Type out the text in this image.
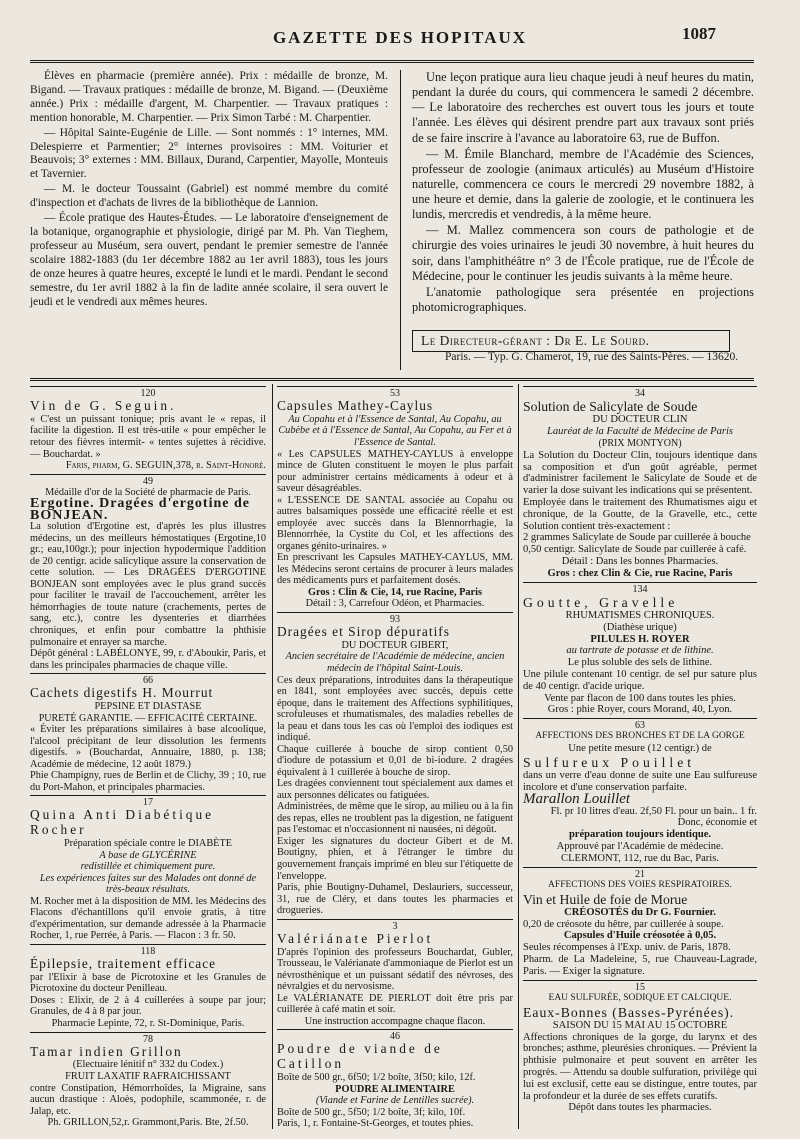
GAZETTE DES HOPITAUX	1087

Élèves en pharmacie (première année). Prix : médaille de bronze, M. Bigand. — Travaux pratiques : médaille de bronze, M. Bigand. — (Deuxième année.) Prix : médaille d'argent, M. Charpentier. — Travaux pratiques : mention honorable, M. Charpentier. — Prix Simon Tarbé : M. Charpentier.

— Hôpital Sainte-Eugénie de Lille. — Sont nommés : 1° internes, MM. Delespierre et Parmentier; 2° internes provisoires : MM. Voiturier et Beauvois; 3° externes : MM. Billaux, Durand, Carpentier, Mayolle, Monteuis et Tavernier.

— M. le docteur Toussaint (Gabriel) est nommé membre du comité d'inspection et d'achats de livres de la bibliothèque de Lannion.

— École pratique des Hautes-Études. — Le laboratoire d'enseignement de la botanique, organographie et physiologie, dirigé par M. Ph. Van Tieghem, professeur au Muséum, sera ouvert, pendant le premier semestre de l'année scolaire 1882-1883 (du 1er décembre 1882 au 1er avril 1883), tous les jours de onze heures à quatre heures, excepté le lundi et le mardi. Pendant le second semestre, du 1er avril 1882 à la fin de ladite année scolaire, il sera ouvert le jeudi et le vendredi aux mêmes heures.

Une leçon pratique aura lieu chaque jeudi à neuf heures du matin, pendant la durée du cours, qui commencera le samedi 2 décembre. — Le laboratoire des recherches est ouvert tous les jours et toute l'année. Les élèves qui désirent prendre part aux travaux sont priés de se faire inscrire à l'avance au laboratoire 63, rue de Buffon.

— M. Émile Blanchard, membre de l'Académie des Sciences, professeur de zoologie (animaux articulés) au Muséum d'Histoire naturelle, commencera ce cours le mercredi 29 novembre 1882, à une heure et demie, dans la galerie de zoologie, et le continuera les lundis, mercredis et vendredis, à la même heure.

— M. Mallez commencera son cours de pathologie et de chirurgie des voies urinaires le jeudi 30 novembre, à huit heures du soir, dans l'amphithéâtre n° 3 de l'École pratique, rue de l'École de Médecine, pour le continuer les jeudis suivants à la même heure.

L'anatomie pathologique sera présentée en projections photomicrographiques.

Le Directeur-gérant : Dr E. Le Sourd.
Paris. — Typ. G. Chamerot, 19, rue des Saints-Pères. — 13620.
120
Vin de G. Seguin.
« C'est un puissant tonique; pris avant le « repas, il facilite la digestion. Il est très-utile « pour empêcher le retour des fièvres intermit- « tentes sujettes à récidive. — Bouchardat. »
Faris, pharm, G. SEGUIN,378, r. Saint-Honoré.
49
Médaille d'or de la Société de pharmacie de Paris.
Ergotine. Dragées d'ergotine de BONJEAN.
La solution d'Ergotine est, d'après les plus illustres médecins, un des meilleurs hémostatiques (Ergotine,10 gr.; eau,100gr.); pour injection hypodermique l'addition de 20 centigr. acide salicylique assure la conservation de cette solution. — Les DRAGÉES D'ERGOTINE BONJEAN sont employées avec le plus grand succès pour faciliter le travail de l'accouchement, arrêter les hémorrhagies de toute nature (crachements, pertes de sang, etc.), contre les dysenteries et diarrhées chroniques, et enfin pour combattre la phthisie pulmonaire et enrayer sa marche.
Dépôt général : LABÉLONYE, 99, r. d'Aboukir, Paris, et dans les principales pharmacies de chaque ville.
66
Cachets digestifs H. Mourrut
PEPSINE ET DIASTASE
PURETÉ GARANTIE. — EFFICACITÉ CERTAINE.
« Éviter les préparations similaires à base alcoolique, l'alcool précipitant de leur dissolution les ferments digestifs. » (Bouchardat, Annuaire, 1880, p. 138; Académie de médecine, 12 août 1879.)
Phie Champigny, rues de Berlin et de Clichy, 39 ; 10, rue du Port-Mahon, et principales pharmacies.
17
Quina Anti Diabétique Rocher
Préparation spéciale contre le DIABÈTE
A base de GLYCÉRINE
redistillée et chimiquement pure.
Les expériences faites sur des Malades ont donné de très-beaux résultats.
M. Rocher met à la disposition de MM. les Médecins des Flacons d'échantillons qu'il envoie gratis, à titre d'expérimentation, sur demande adressée à la Pharmacie Rocher, 1, rue Perrée, à Paris. — Flacon : 3 fr. 50.
118
Épilepsie, traitement efficace
par l'Elixir à base de Picrotoxine et les Granules de Picrotoxine du docteur Penilleau.
Doses : Elixir, de 2 à 4 cuillerées à soupe par jour; Granules, de 4 à 8 par jour.
Pharmacie Lepinte, 72, r. St-Dominique, Paris.
78
Tamar indien Grillon
(Electuaire lénitif n° 332 du Codex.)
FRUIT LAXATIF RAFRAICHISSANT
contre Constipation, Hémorrhoïdes, la Migraine, sans aucun drastique : Aloès, podophile, scammonée, r. de Jalap, etc.
Ph. GRILLON,52,r. Grammont,Paris. Bte, 2f.50.
53
Capsules Mathey-Caylus
Au Copahu et à l'Essence de Santal, Au Copahu, au Cubèbe et à l'Essence de Santal, Au Copahu, au Fer et à l'Essence de Santal.
« Les CAPSULES MATHEY-CAYLUS à enveloppe mince de Gluten constituent le moyen le plus parfait pour administrer certains médicaments à odeur et à saveur désagréables.
« L'ESSENCE DE SANTAL associée au Copahu ou autres balsamiques possède une efficacité réelle et est employée avec succès dans la Blennorrhagie, la Blennorrhée, la Cystite du Col, et les affections des organes génito-urinaires. »
En prescrivant les Capsules MATHEY-CAYLUS, MM. les Médecins seront certains de procurer à leurs malades des médicaments purs et parfaitement dosés.
Gros : Clin & Cie, 14, rue Racine, Paris
Détail : 3, Carrefour Odéon, et Pharmacies.
93
Dragées et Sirop dépuratifs
DU DOCTEUR GIBERT,
Ancien secrétaire de l'Académie de médecine, ancien médecin de l'hôpital Saint-Louis.
Ces deux préparations, introduites dans la thérapeutique en 1841, sont employées avec succès, depuis cette époque, dans le traitement des Affections syphilitiques, scrofuleuses et rhumatismales, des maladies rebelles de la peau et dans tous les cas où l'emploi des iodiques est indiqué.
Chaque cuillerée à bouche de sirop contient 0,50 d'iodure de potassium et 0,01 de bi-iodure. 2 dragées équivalent à 1 cuillerée à bouche de sirop.
Les dragées conviennent tout spécialement aux dames et aux personnes délicates ou fatiguées.
Administrées, de même que le sirop, au milieu ou à la fin des repas, elles ne troublent pas la digestion, ne fatiguent pas l'estomac et n'occasionnent ni nausées, ni dégoût.
Exiger les signatures du docteur Gibert et de M. Boutigny, phien, et à l'étranger le timbre du gouvernement français imprimé en bleu sur l'étiquette de l'enveloppe.
Paris, phie Boutigny-Duhamel, Deslauriers, successeur, 31, rue de Cléry, et dans toutes les pharmacies et drogueries.
3
Valériánate Pierlot
D'après l'opinion des professeurs Bouchardat, Gubler, Trousseau, le Valérianate d'ammoniaque de Pierlot est un névrosthénique et un puissant sédatif des névroses, des névralgies et du nervosisme.
Le VALÉRIANATE DE PIERLOT doit être pris par cuillerée à café matin et soir.
Une instruction accompagne chaque flacon.
46
Poudre de viande de Catillon
Boîte de 500 gr., 6f50; 1/2 boîte, 3f50; kilo, 12f.
POUDRE ALIMENTAIRE
(Viande et Farine de Lentilles sucrée).
Boîte de 500 gr., 5f50; 1/2 boîte, 3f; kilo, 10f.
Paris, 1, r. Fontaine-St-Georges, et toutes phies.
34
Solution de Salicylate de Soude
DU DOCTEUR CLIN
Lauréat de la Faculté de Médecine de Paris
(PRIX MONTYON)
La Solution du Docteur Clin, toujours identique dans sa composition et d'un goût agréable, permet d'administrer facilement le Salicylate de Soude et de varier la dose suivant les indications qui se présentent.
Employée dans le traitement des Rhumatismes aigu et chronique, de la Goutte, de la Gravelle, etc., cette Solution contient très-exactement :
2 grammes Salicylate de Soude par cuillerée à bouche
0,50 centigr. Salicylate de Soude par cuillerée à café.
Détail : Dans les bonnes Pharmacies.
Gros : chez Clin & Cie, rue Racine, Paris
134
Goutte, Gravelle
RHUMATISMES CHRONIQUES.
(Diathèse urique)
PILULES H. ROYER
au tartrate de potasse et de lithine.
Le plus soluble des sels de lithine.
Une pilule contenant 10 centigr. de sel pur sature plus de 40 centigr. d'acide urique.
Vente par flacon de 100 dans toutes les phies.
Gros : phie Royer, cours Morand, 40, Lyon.
63
AFFECTIONS DES BRONCHES ET DE LA GORGE
Une petite mesure (12 centigr.) de
Sulfureux Pouillet
dans un verre d'eau donne de suite une Eau sulfureuse incolore et d'une conservation parfaite.
Marallon Louillet
Fl. pr 10 litres d'eau. 2f,50 Fl. pour un bain.. 1 fr. Donc, économie et
préparation toujours identique.
Approuvé par l'Académie de médecine.
CLERMONT, 112, rue du Bac, Paris.
21
AFFECTIONS DES VOIES RESPIRATOIRES.
Vin et Huile de foie de Morue
CRÉOSOTÉS du Dr G. Fournier.
0,20 de créosote du hêtre, par cuillerée à soupe.
Capsules d'Huile créosotée à 0,05.
Seules récompenses à l'Exp. univ. de Paris, 1878.
Pharm. de La Madeleine, 5, rue Chauveau-Lagrade, Paris. — Exiger la signature.
15
EAU SULFURÉE, SODIQUE ET CALCIQUE.
Eaux-Bonnes (Basses-Pyrénées).
SAISON DU 15 MAI AU 15 OCTOBRE
Affections chroniques de la gorge, du larynx et des bronches; asthme, pleurésies chroniques. — Prévient la phthisie pulmonaire et peut souvent en arrêter les progrès. — Attendu sa double sulfuration, privilège qui lui est exclusif, cette eau se distingue, entre toutes, par la profondeur et la durée de ses effets curatifs.
Dépôt dans toutes les pharmacies.
